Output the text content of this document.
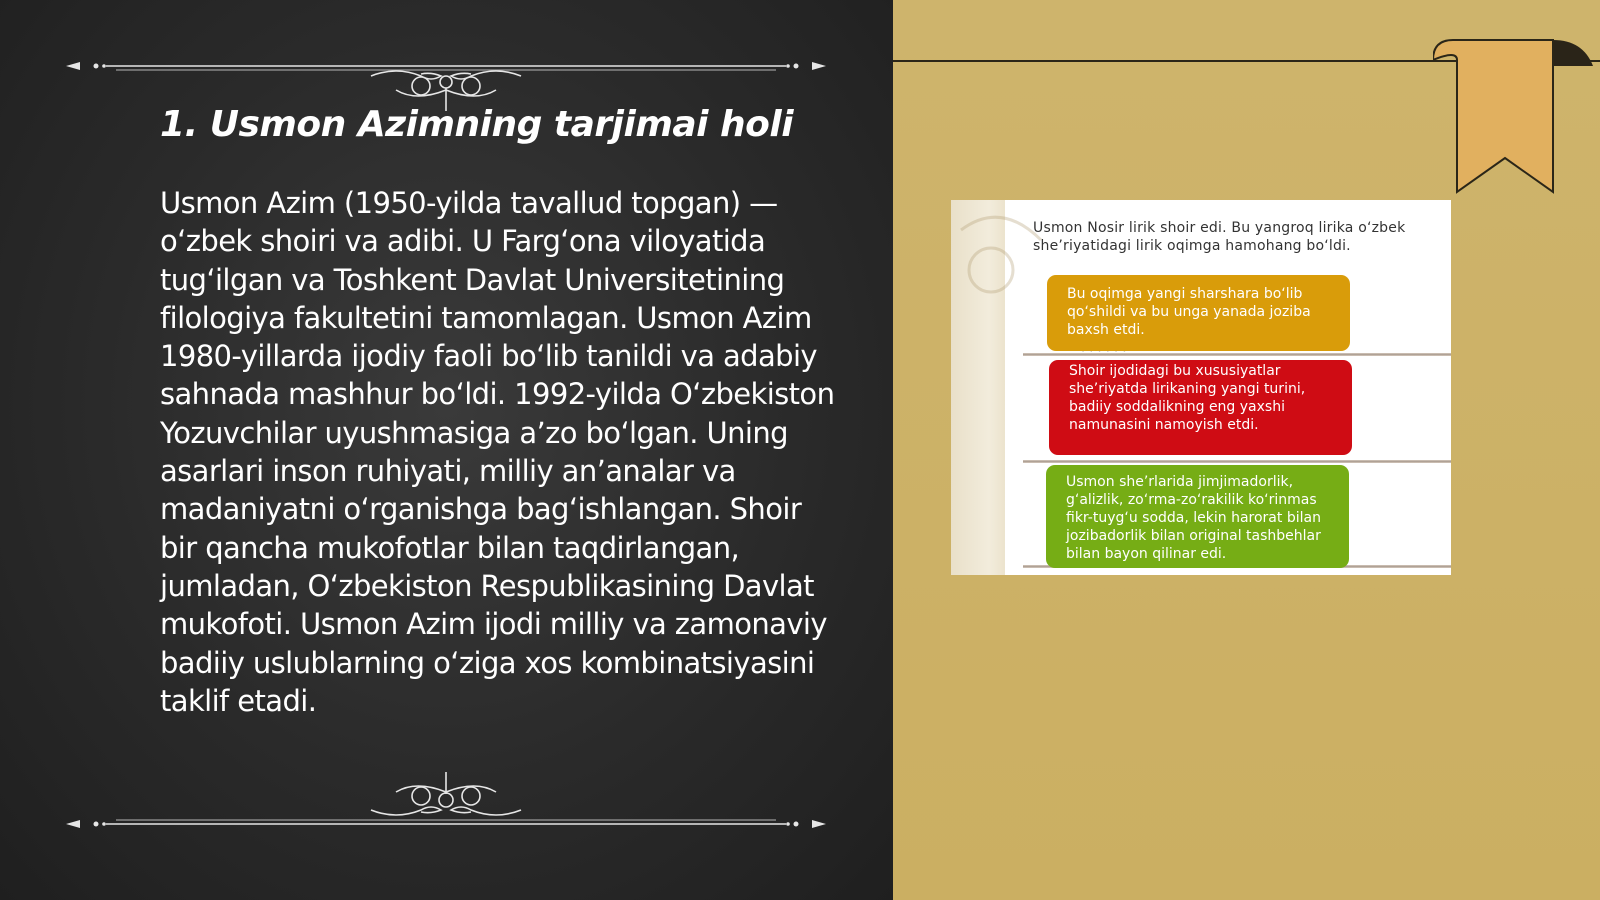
1. Usmon Azimning tarjimai holi
Usmon Azim (1950-yilda tavallud topgan) — o‘zbek shoiri va adibi. U Farg‘ona viloyatida tug‘ilgan va Toshkent Davlat Universitetining filologiya fakultetini tamomlagan. Usmon Azim 1980-yillarda ijodiy faoli bo‘lib tanildi va adabiy sahnada mashhur bo‘ldi. 1992-yilda O‘zbekiston Yozuvchilar uyushmasiga a’zo bo‘lgan. Uning asarlari inson ruhiyati, milliy an’analar va madaniyatni o‘rganishga bag‘ishlangan. Shoir bir qancha mukofotlar bilan taqdirlangan, jumladan, O‘zbekiston Respublikasining Davlat mukofoti. Usmon Azim ijodi milliy va zamonaviy badiiy uslublarning o‘ziga xos kombinatsiyasini taklif etadi.
Usmon Nosir lirik shoir edi. Bu yangroq lirika o‘zbek she’riyatidagi lirik oqimga hamohang bo‘ldi.
Bu oqimga yangi sharshara bo‘lib qo‘shildi va bu unga yanada joziba baxsh etdi.
Shoir ijodidagi bu xususiyatlar she’riyatda lirikaning yangi turini, badiiy soddalikning eng yaxshi namunasini namoyish etdi.
Usmon she’rlarida jimjimadorlik, g‘alizlik, zo‘rma-zo‘rakilik ko‘rinmas fikr-tuyg‘u sodda, lekin harorat bilan jozibadorlik bilan original tashbehlar bilan bayon qilinar edi.
